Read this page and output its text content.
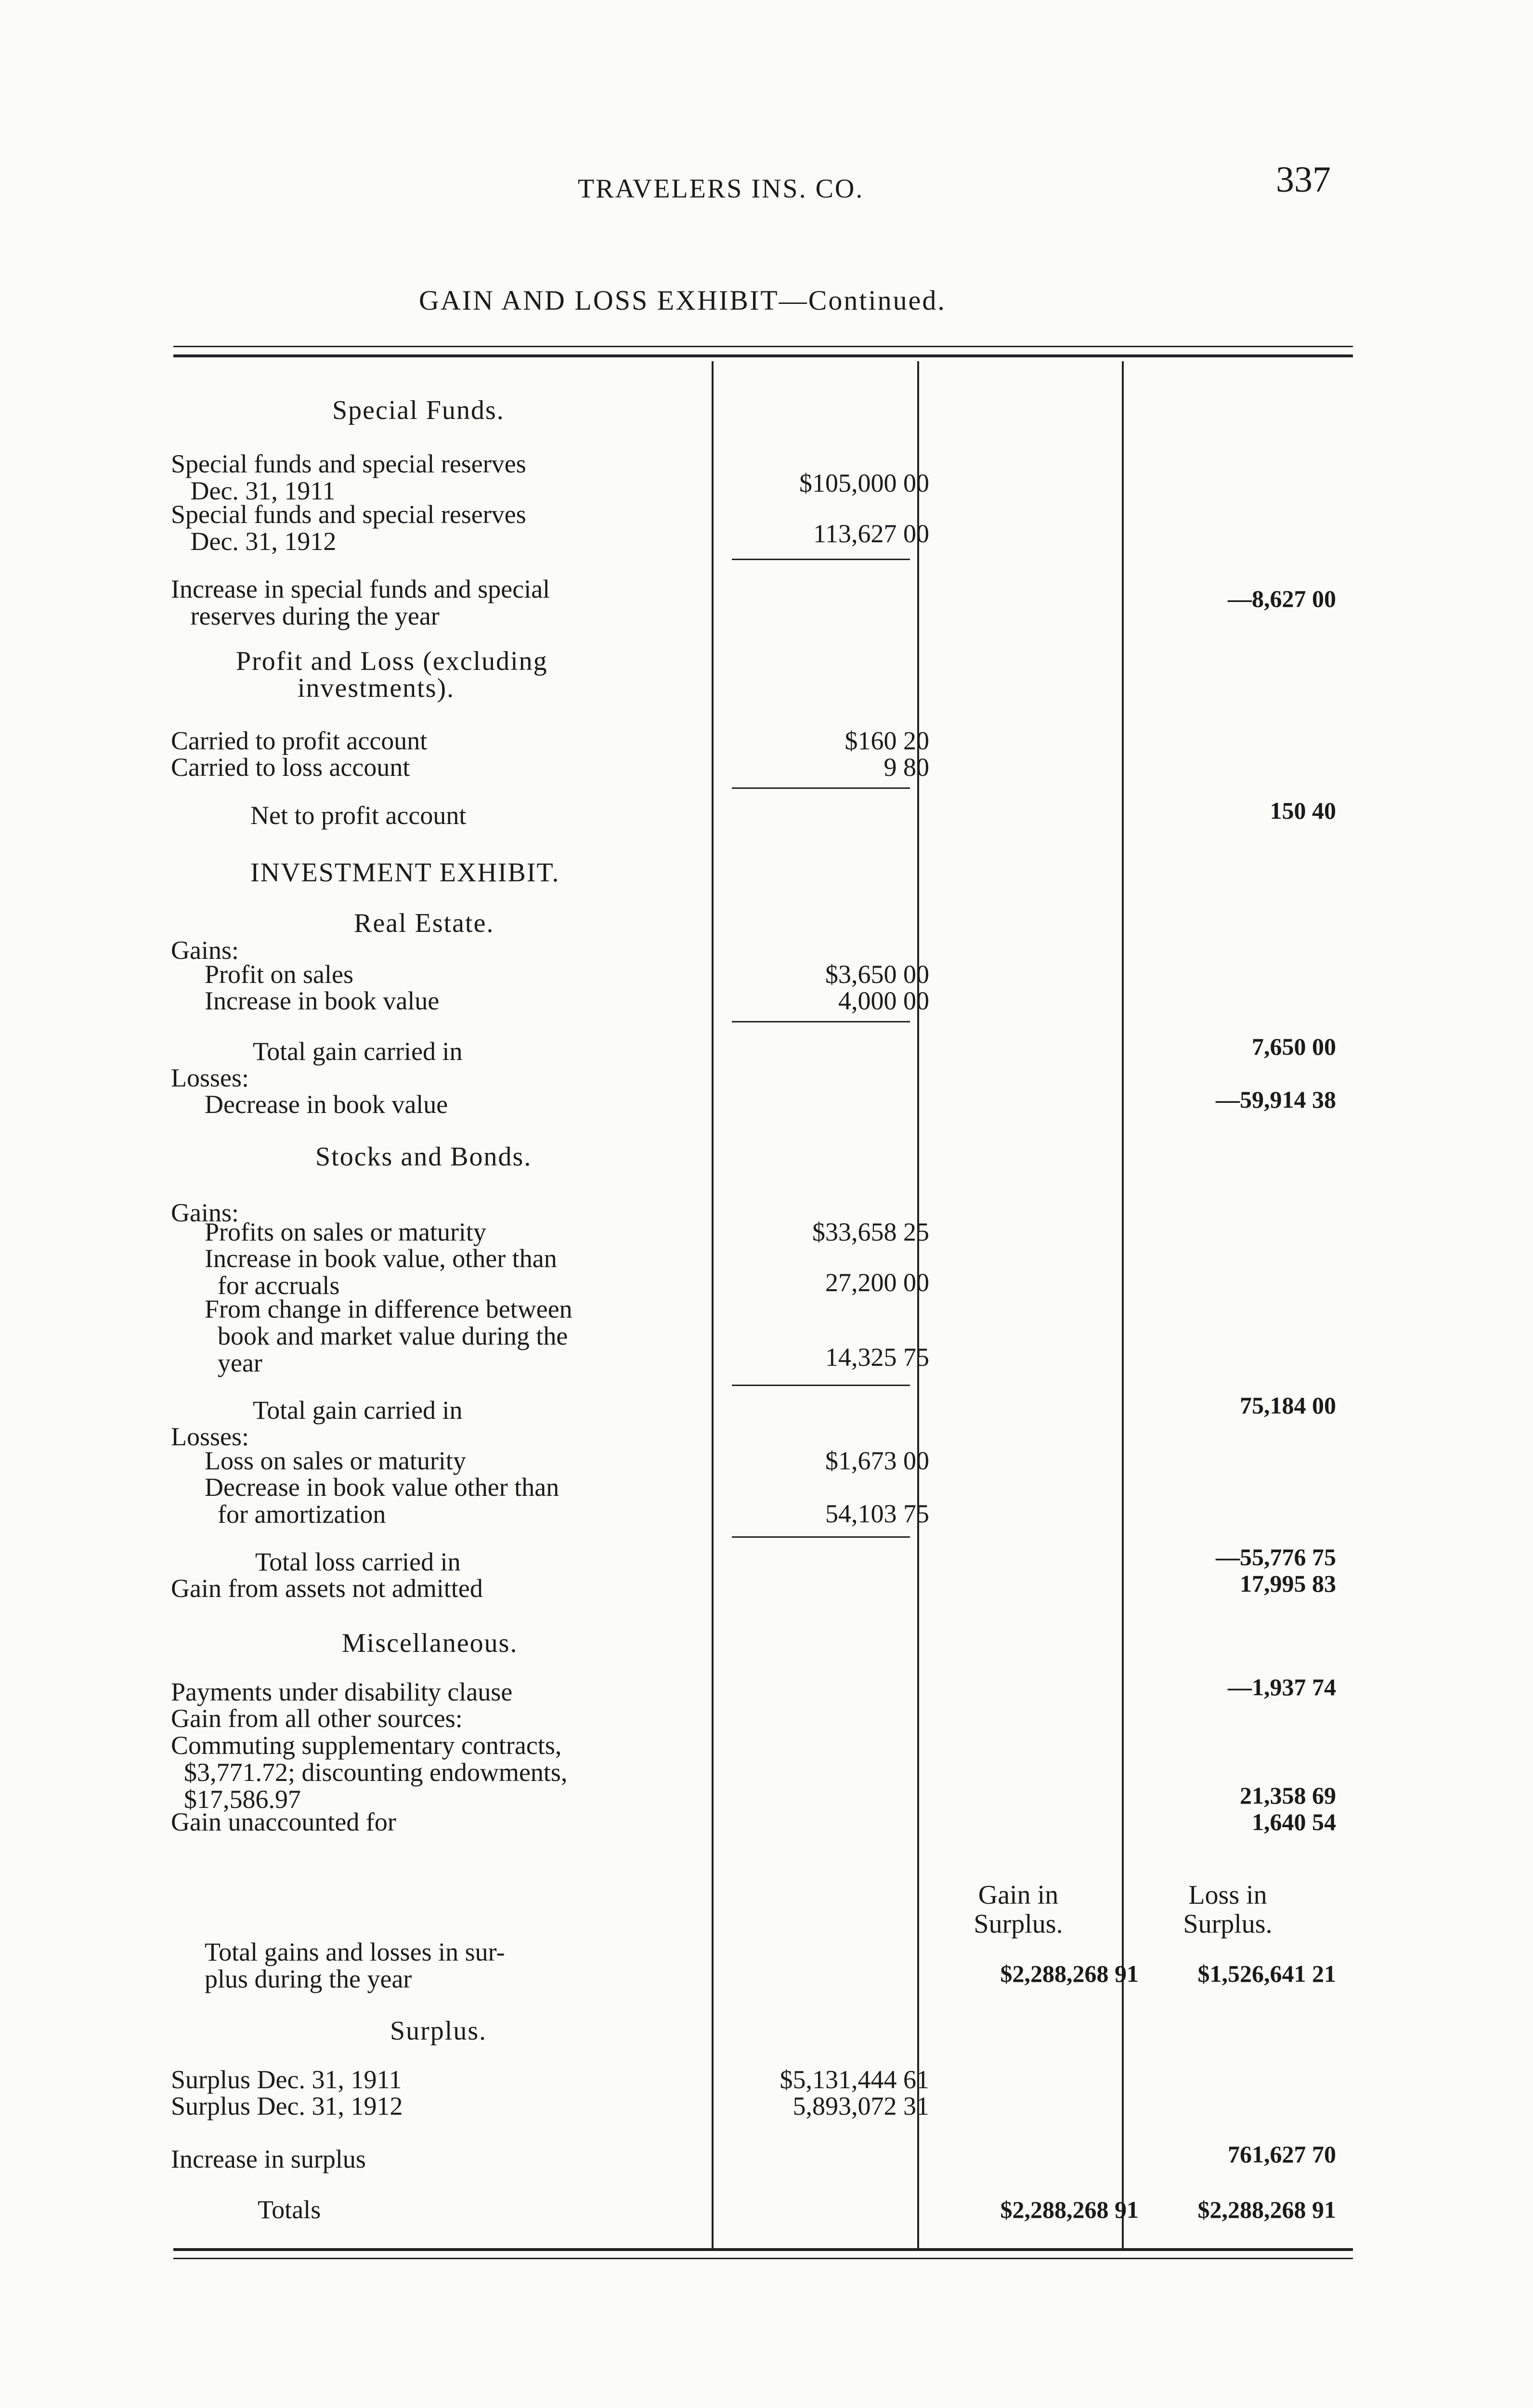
TRAVELERS INS. CO.	337
GAIN AND LOSS EXHIBIT—Continued.
Special Funds.
Special funds and special reserves
Dec. 31, 1911	$105,000 00
Special funds and special reserves
Dec. 31, 1912	113,627 00
Increase in special funds and special
reserves during the year
—8,627 00
Profit and Loss (excluding
investments).
Carried to profit account	$160 20
Carried to loss account	9 80
Net to profit account	150 40
INVESTMENT EXHIBIT.
Real Estate.
Gains:
Profit on sales	$3,650 00
Increase in book value	4,000 00
Total gain carried in	7,650 00
Losses:
Decrease in book value	—59,914 38
Stocks and Bonds.
Gains:
Profits on sales or maturity	$33,658 25
Increase in book value, other than
for accruals	27,200 00
From change in difference between
book and market value during the
year	14,325 75
Total gain carried in	75,184 00
Losses:
Loss on sales or maturity	$1,673 00
Decrease in book value other than
for amortization	54,103 75
Total loss carried in	—55,776 75
Gain from assets not admitted	17,995 83
Miscellaneous.
Payments under disability clause	—1,937 74
Gain from all other sources:
Commuting supplementary contracts,
$3,771.72; discounting endowments,
$17,586.97	21,358 69
Gain unaccounted for	1,640 54
Gain in
Surplus.
Loss in
Surplus.
Total gains and losses in sur-
plus during the year	$2,288,268 91	$1,526,641 21
Surplus.
Surplus Dec. 31, 1911	$5,131,444 61
Surplus Dec. 31, 1912	5,893,072 31
Increase in surplus	761,627 70
Totals	$2,288,268 91	$2,288,268 91
